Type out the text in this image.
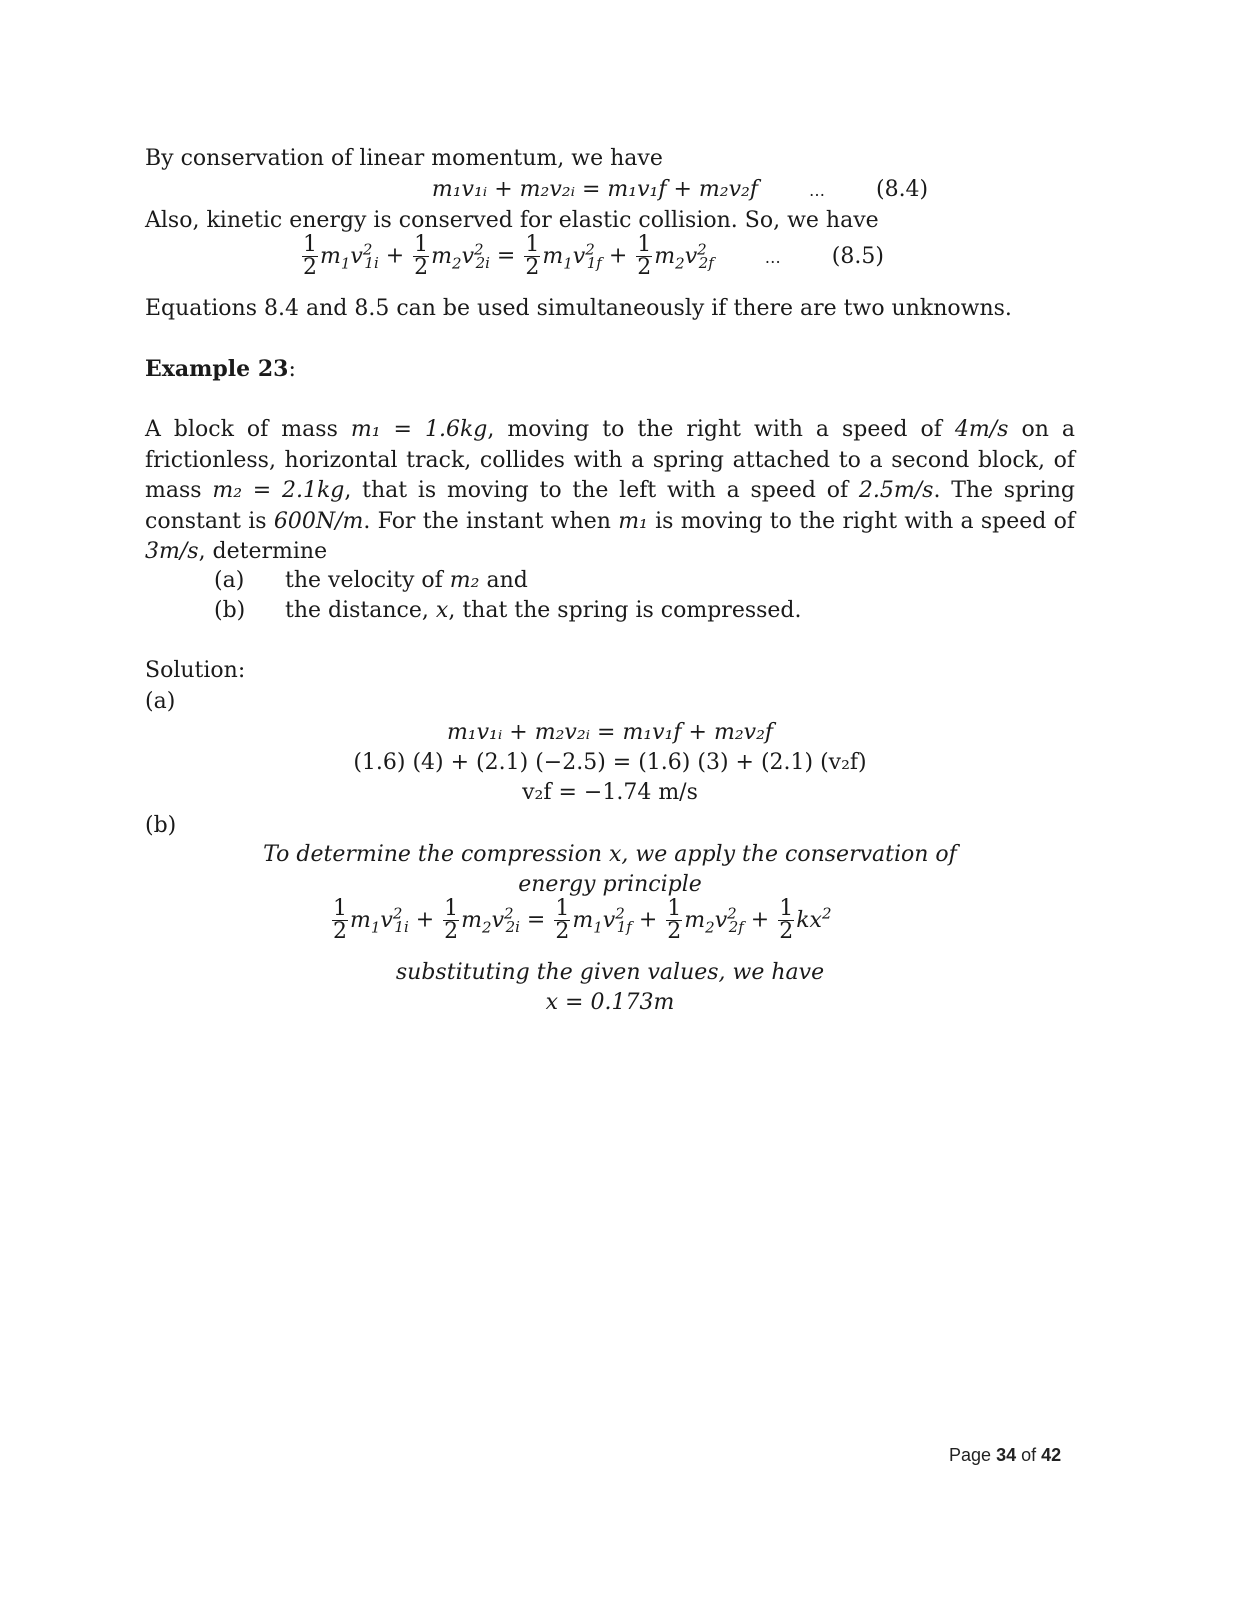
By conservation of linear momentum, we have
m₁v₁ᵢ + m₂v₂ᵢ = m₁v₁f + m₂v₂f	… (8.4)
Also, kinetic energy is conserved for elastic collision. So, we have
$\frac{1}{2} m_1v^2_{1i} + \frac{1}{2} m_2v^2_{2i} = \frac{1}{2} m_1v^2_{1f} + \frac{1}{2} m_2v^2_{2f}$	… (8.5)
Equations 8.4 and 8.5 can be used simultaneously if there are two unknowns.
Example 23:
A block of mass m₁ = 1.6kg, moving to the right with a speed of 4m/s on a frictionless, horizontal track, collides with a spring attached to a second block, of mass m₂ = 2.1kg, that is moving to the left with a speed of 2.5m/s. The spring constant is 600N/m. For the instant when m₁ is moving to the right with a speed of 3m/s, determine
(a) the velocity of m₂ and
(b) the distance, x, that the spring is compressed.
Solution:
(a)
m₁v₁ᵢ + m₂v₂ᵢ = m₁v₁f + m₂v₂f
(1.6) (4) + (2.1) (−2.5) = (1.6) (3) + (2.1) (v₂f)
v₂f = −1.74 m/s
(b)
To determine the compression x, we apply the conservation of
energy principle
$\frac{1}{2} m_1v^2_{1i} + \frac{1}{2} m_2v^2_{2i} = \frac{1}{2} m_1v^2_{1f} + \frac{1}{2} m_2v^2_{2f} + \frac{1}{2} kx^2$
substituting the given values, we have
x = 0.173m
Page 34 of 42
